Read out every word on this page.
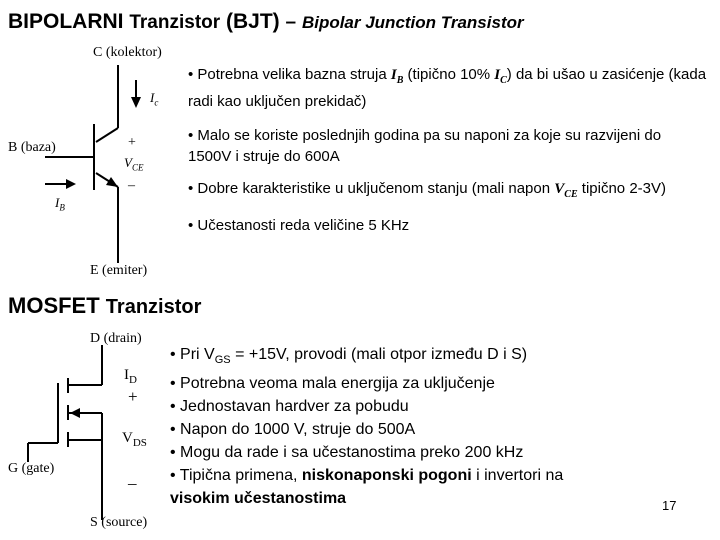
BIPOLARNI Tranzistor (BJT) – Bipolar Junction Transistor
C (kolektor)
B (baza)
E (emiter)
$I_c$
$I_B$
+
$V_{CE}$
–
• Potrebna velika bazna struja $I_B$ (tipično 10% $I_C$) da bi ušao u zasićenje (kada radi kao uključen prekidač)
• Malo se koriste poslednjih godina pa su naponi za koje su razvijeni do 1500V i struje do 600A
• Dobre karakteristike u uključenom stanju (mali napon $V_{CE}$ tipično 2-3V)
• Učestanosti reda veličine 5 KHz
MOSFET Tranzistor
D (drain)
G (gate)
S (source)
$I_D$
+
$V_{DS}$
_
• Pri $V_{GS} = +15V$, provodi (mali otpor između D i S)
• Potrebna veoma mala energija za uključenje
• Jednostavan hardver za pobudu
• Napon do 1000 V, struje do 500A
• Mogu da rade i sa učestanostima preko 200 kHz
• Tipična primena, niskonaponski pogoni i invertori na
visokim učestanostima	17
